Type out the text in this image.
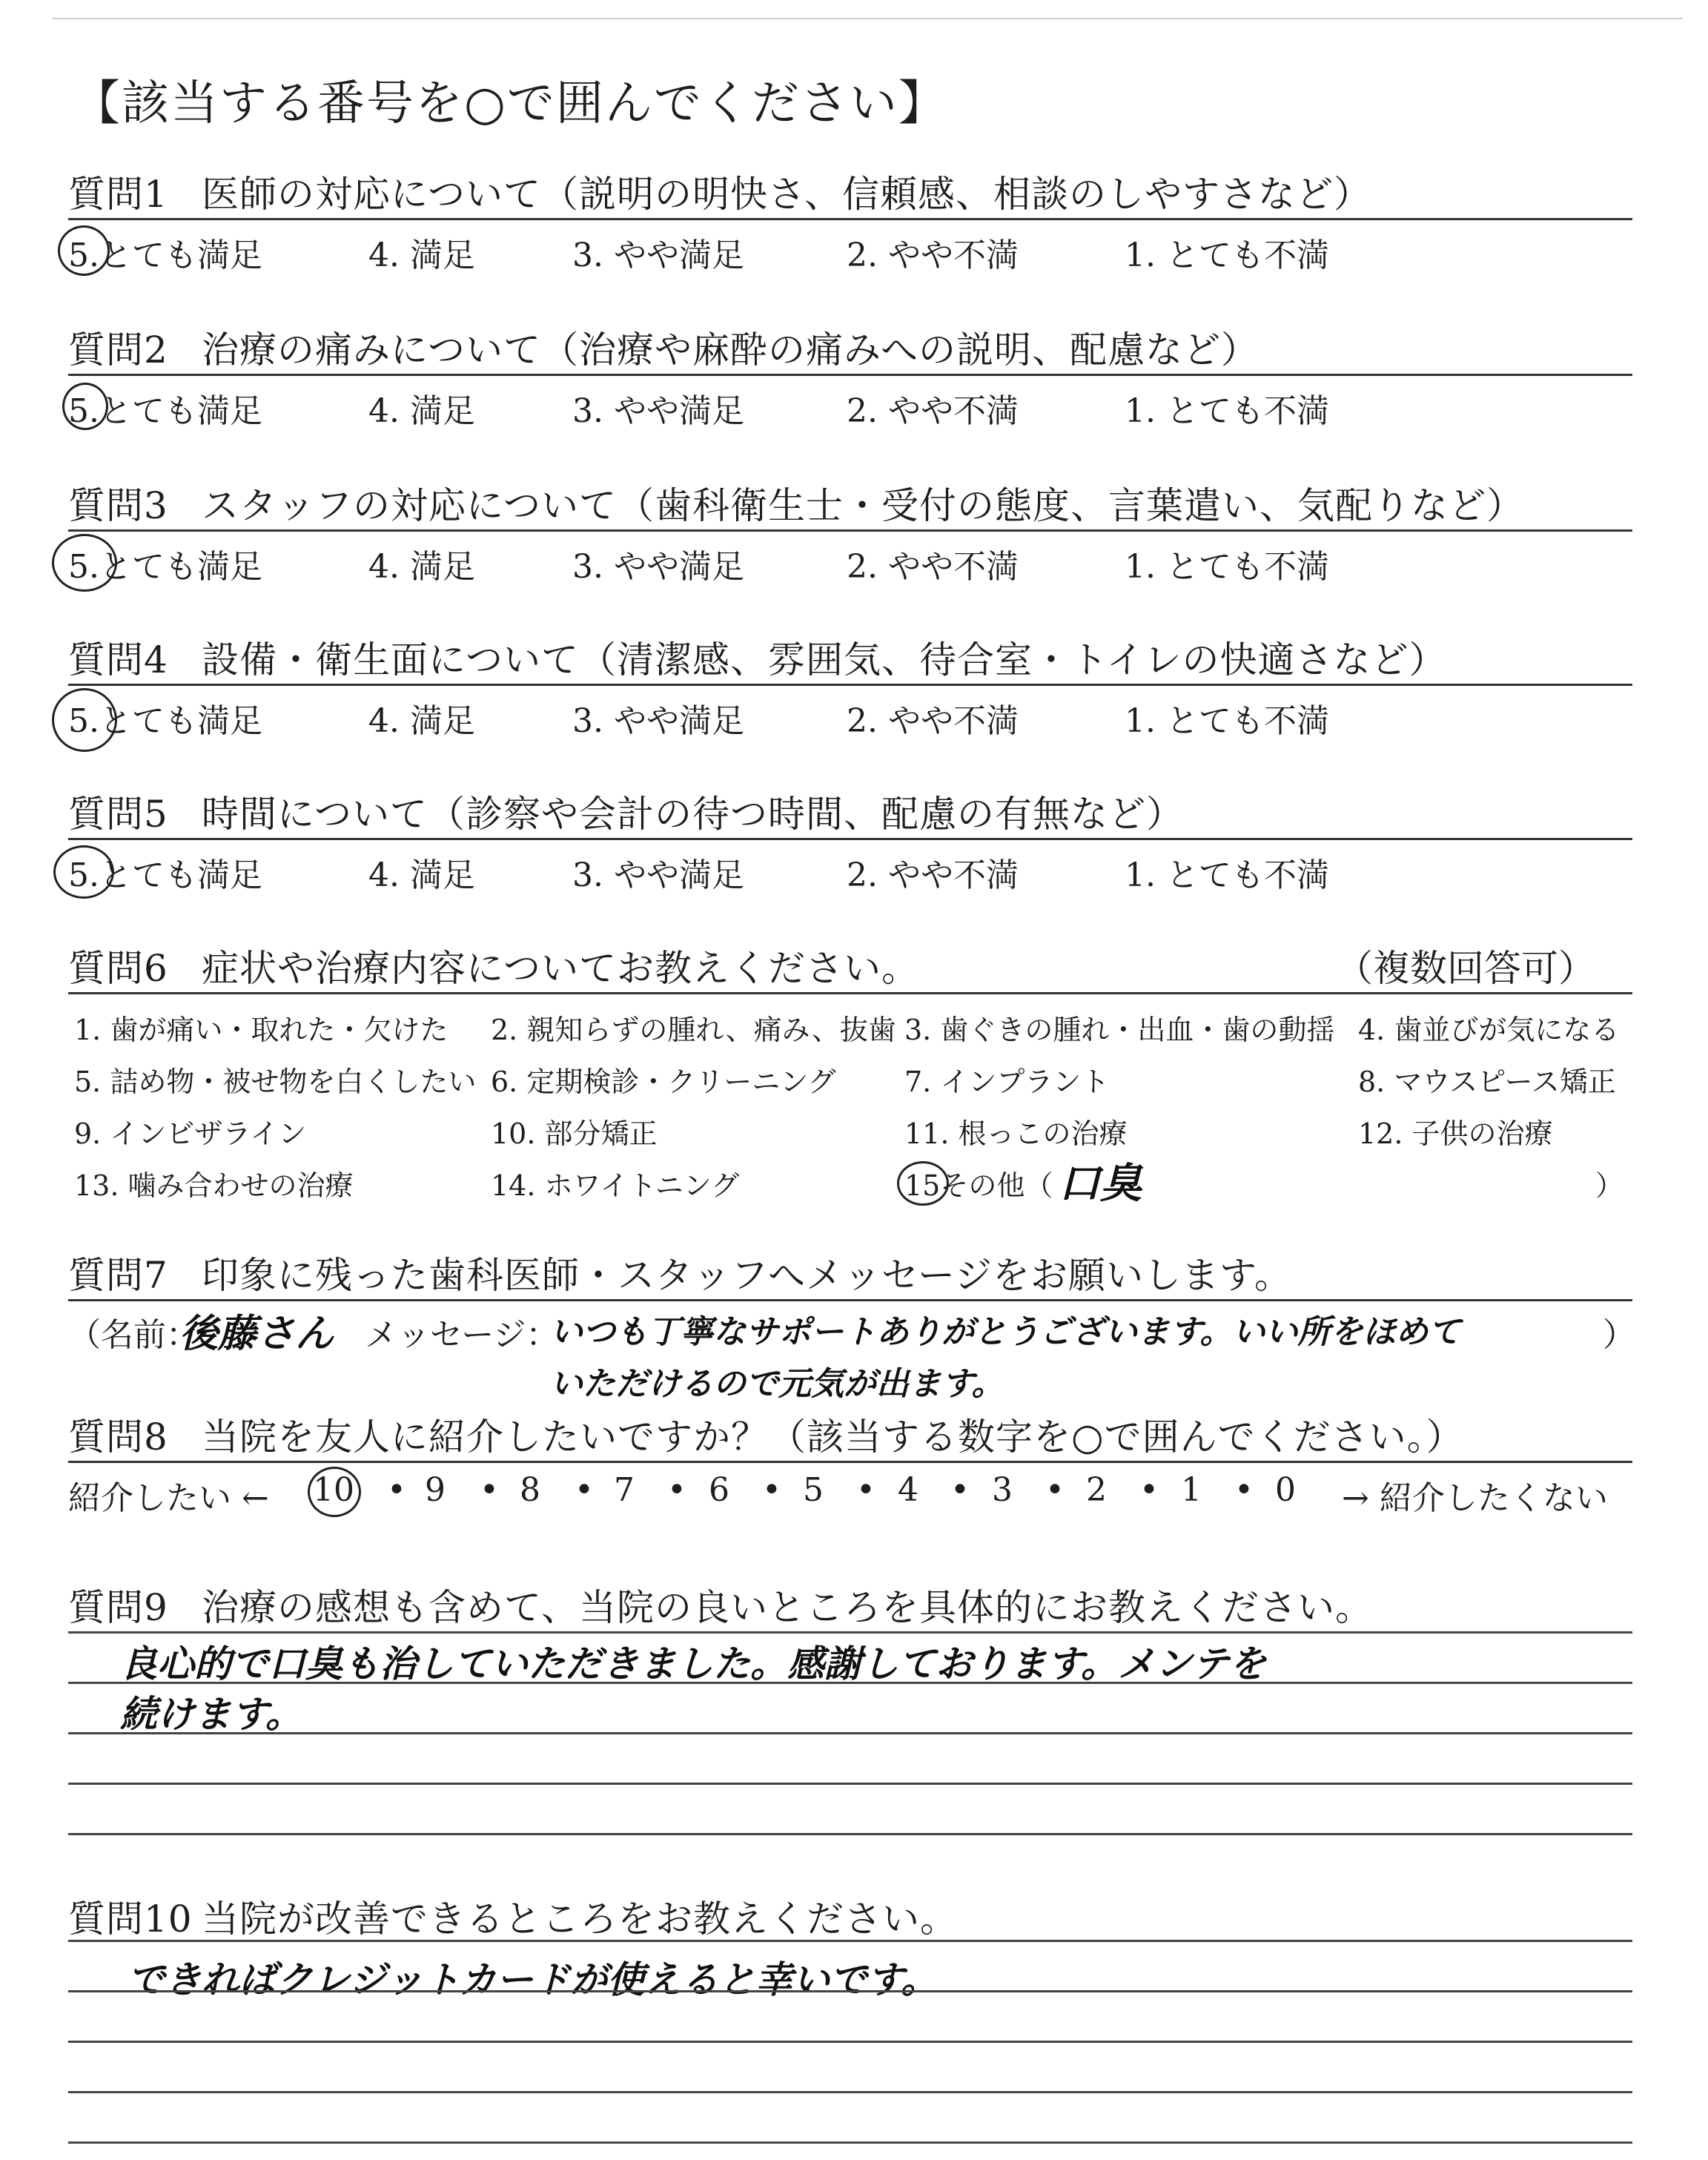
【該当する番号を○で囲んでください】
質問1 医師の対応について（説明の明快さ、信頼感、相談のしやすさなど）
5.とても満足	4. 満足	3. やや満足	2. やや不満	1. とても不満
質問2 治療の痛みについて（治療や麻酔の痛みへの説明、配慮など）
5.とても満足	4. 満足	3. やや満足	2. やや不満	1. とても不満
質問3 スタッフの対応について（歯科衛生士・受付の態度、言葉遣い、気配りなど）
5.とても満足	4. 満足	3. やや満足	2. やや不満	1. とても不満
質問4 設備・衛生面について（清潔感、雰囲気、待合室・トイレの快適さなど）
5.とても満足	4. 満足	3. やや満足	2. やや不満	1. とても不満
質問5 時間について（診察や会計の待つ時間、配慮の有無など）
5.とても満足	4. 満足	3. やや満足	2. やや不満	1. とても不満
質問6 症状や治療内容についてお教えください。	（複数回答可）
1. 歯が痛い・取れた・欠けた 2. 親知らずの腫れ、痛み、抜歯 3. 歯ぐきの腫れ・出血・歯の動揺 4. 歯並びが気になる
5. 詰め物・被せ物を白くしたい 6. 定期検診・クリーニング 7. インプラント	8. マウスピース矯正
9. インビザライン	10. 部分矯正	11. 根っこの治療	12. 子供の治療
13. 噛み合わせの治療	14. ホワイトニング	15その他（ 口臭	）
質問7 印象に残った歯科医師・スタッフへメッセージをお願いします。
（名前：
後藤さん メッセージ：
いつも丁寧なサポートありがとうございます。いい所をほめて
いただけるので元気が出ます。
）
質問8 当院を友人に紹介したいですか？（該当する数字を○で囲んでください。）
紹介したい ← 10 • 9 • 8 • 7 • 6 • 5 • 4 • 3 • 2 • 1 • 0 → 紹介したくない
質問9 治療の感想も含めて、当院の良いところを具体的にお教えください。
良心的で口臭も治していただきました。感謝しております。メンテを
続けます。
質問10 当院が改善できるところをお教えください。
できればクレジットカードが使えると幸いです。
